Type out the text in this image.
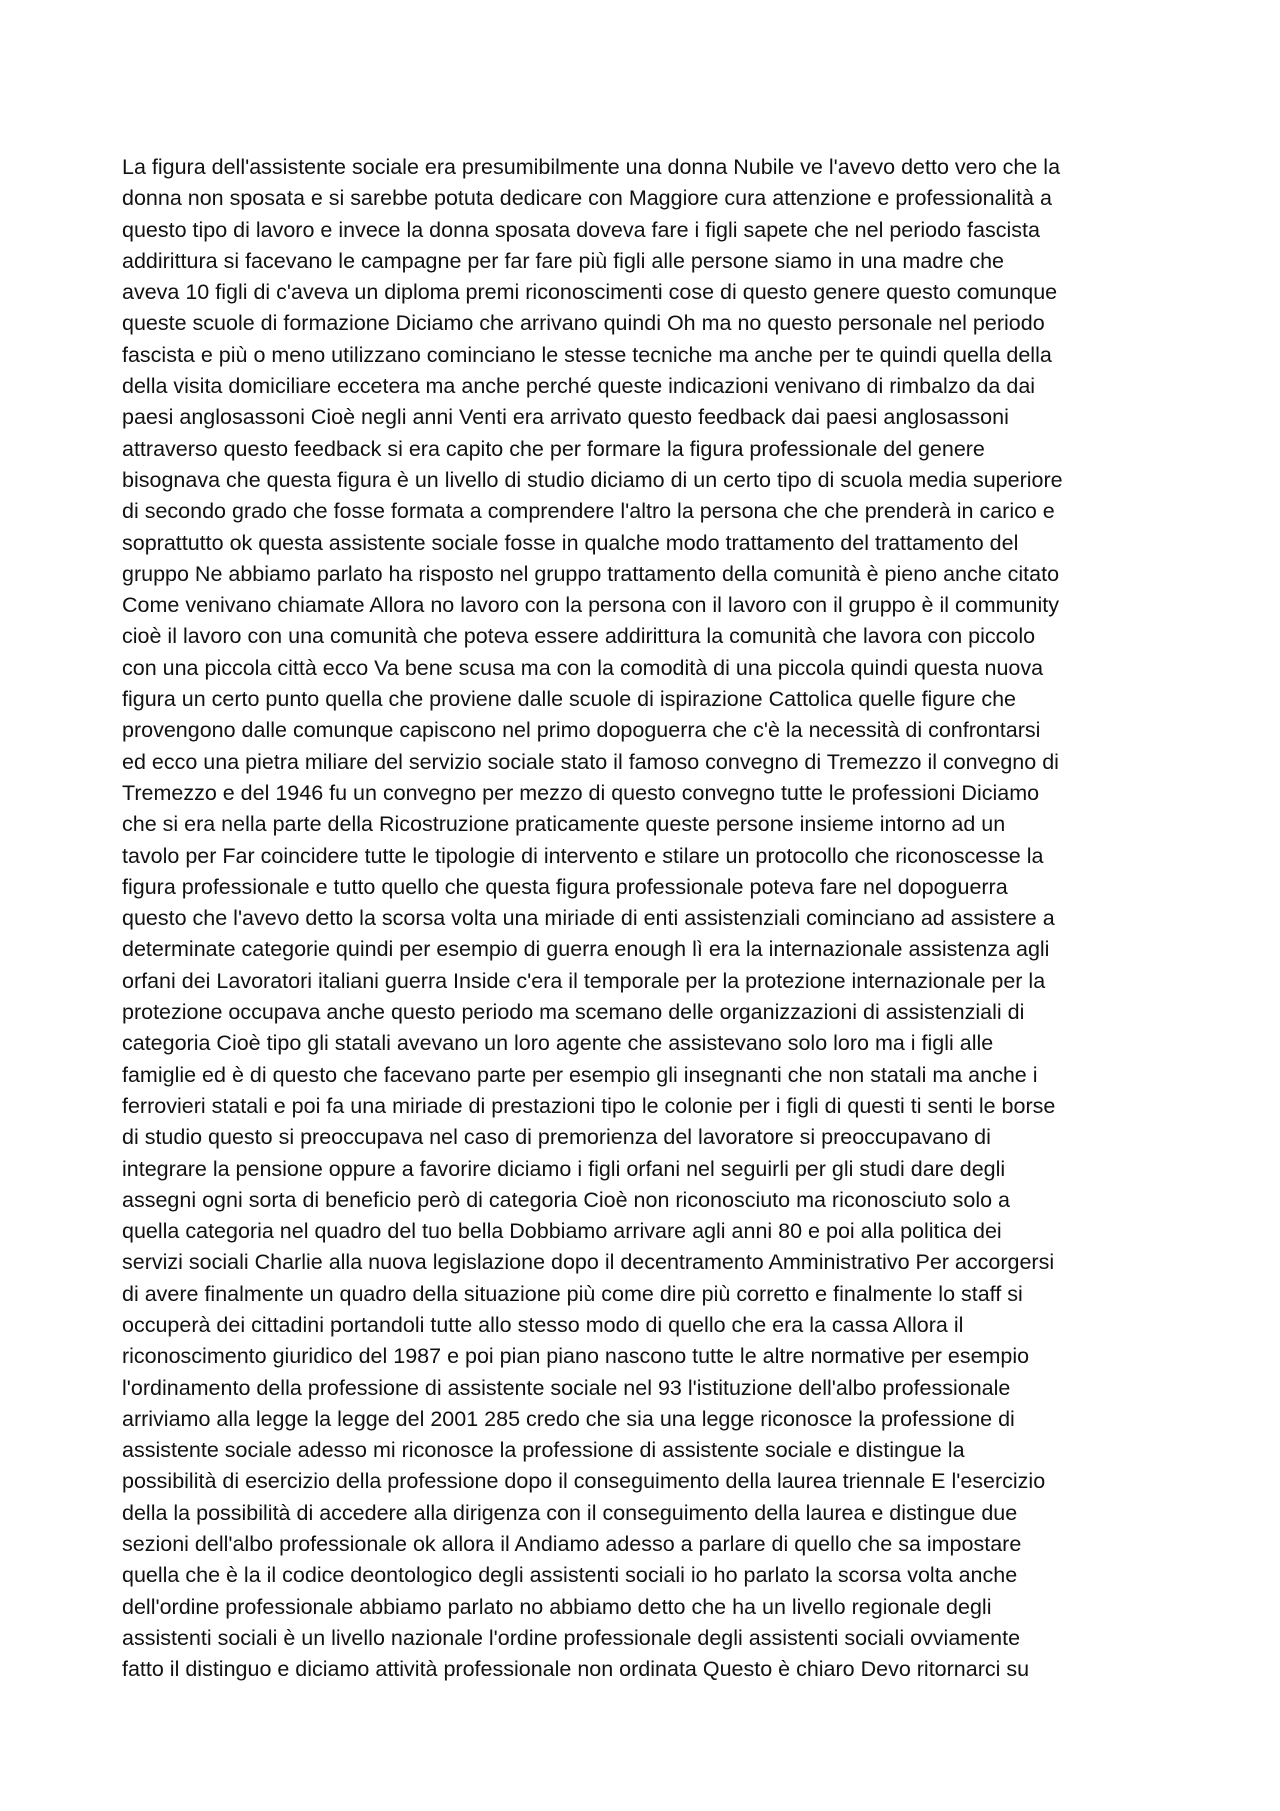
La figura dell'assistente sociale era presumibilmente una donna Nubile ve l'avevo detto vero che la
donna non sposata e si sarebbe potuta dedicare con Maggiore cura attenzione e professionalità a
questo tipo di lavoro e invece la donna sposata doveva fare i figli sapete che nel periodo fascista
addirittura si facevano le campagne per far fare più figli alle persone siamo in una madre che
aveva 10 figli di c'aveva un diploma premi riconoscimenti cose di questo genere questo comunque
queste scuole di formazione Diciamo che arrivano quindi Oh ma no questo personale nel periodo
fascista e più o meno utilizzano cominciano le stesse tecniche ma anche per te quindi quella della
della visita domiciliare eccetera ma anche perché queste indicazioni venivano di rimbalzo da dai
paesi anglosassoni Cioè negli anni Venti era arrivato questo feedback dai paesi anglosassoni
attraverso questo feedback si era capito che per formare la figura professionale del genere
bisognava che questa figura è un livello di studio diciamo di un certo tipo di scuola media superiore
di secondo grado che fosse formata a comprendere l'altro la persona che che prenderà in carico e
soprattutto ok questa assistente sociale fosse in qualche modo trattamento del trattamento del
gruppo Ne abbiamo parlato ha risposto nel gruppo trattamento della comunità è pieno anche citato
Come venivano chiamate Allora no lavoro con la persona con il lavoro con il gruppo è il community
cioè il lavoro con una comunità che poteva essere addirittura la comunità che lavora con piccolo
con una piccola città ecco Va bene scusa ma con la comodità di una piccola quindi questa nuova
figura un certo punto quella che proviene dalle scuole di ispirazione Cattolica quelle figure che
provengono dalle comunque capiscono nel primo dopoguerra che c'è la necessità di confrontarsi
ed ecco una pietra miliare del servizio sociale stato il famoso convegno di Tremezzo il convegno di
Tremezzo e del 1946 fu un convegno per mezzo di questo convegno tutte le professioni Diciamo
che si era nella parte della Ricostruzione praticamente queste persone insieme intorno ad un
tavolo per Far coincidere tutte le tipologie di intervento e stilare un protocollo che riconoscesse la
figura professionale e tutto quello che questa figura professionale poteva fare nel dopoguerra
questo che l'avevo detto la scorsa volta una miriade di enti assistenziali cominciano ad assistere a
determinate categorie quindi per esempio di guerra enough lì era la internazionale assistenza agli
orfani dei Lavoratori italiani guerra Inside c'era il temporale per la protezione internazionale per la
protezione occupava anche questo periodo ma scemano delle organizzazioni di assistenziali di
categoria Cioè tipo gli statali avevano un loro agente che assistevano solo loro ma i figli alle
famiglie ed è di questo che facevano parte per esempio gli insegnanti che non statali ma anche i
ferrovieri statali e poi fa una miriade di prestazioni tipo le colonie per i figli di questi ti senti le borse
di studio questo si preoccupava nel caso di premorienza del lavoratore si preoccupavano di
integrare la pensione oppure a favorire diciamo i figli orfani nel seguirli per gli studi dare degli
assegni ogni sorta di beneficio però di categoria Cioè non riconosciuto ma riconosciuto solo a
quella categoria nel quadro del tuo bella Dobbiamo arrivare agli anni 80 e poi alla politica dei
servizi sociali Charlie alla nuova legislazione dopo il decentramento Amministrativo Per accorgersi
di avere finalmente un quadro della situazione più come dire più corretto e finalmente lo staff si
occuperà dei cittadini portandoli tutte allo stesso modo di quello che era la cassa Allora il
riconoscimento giuridico del 1987 e poi pian piano nascono tutte le altre normative per esempio
l'ordinamento della professione di assistente sociale nel 93 l'istituzione dell'albo professionale
arriviamo alla legge la legge del 2001 285 credo che sia una legge riconosce la professione di
assistente sociale adesso mi riconosce la professione di assistente sociale e distingue la
possibilità di esercizio della professione dopo il conseguimento della laurea triennale E l'esercizio
della la possibilità di accedere alla dirigenza con il conseguimento della laurea e distingue due
sezioni dell'albo professionale ok allora il Andiamo adesso a parlare di quello che sa impostare
quella che è la il codice deontologico degli assistenti sociali io ho parlato la scorsa volta anche
dell'ordine professionale abbiamo parlato no abbiamo detto che ha un livello regionale degli
assistenti sociali è un livello nazionale l'ordine professionale degli assistenti sociali ovviamente
fatto il distinguo e diciamo attività professionale non ordinata Questo è chiaro Devo ritornarci su
